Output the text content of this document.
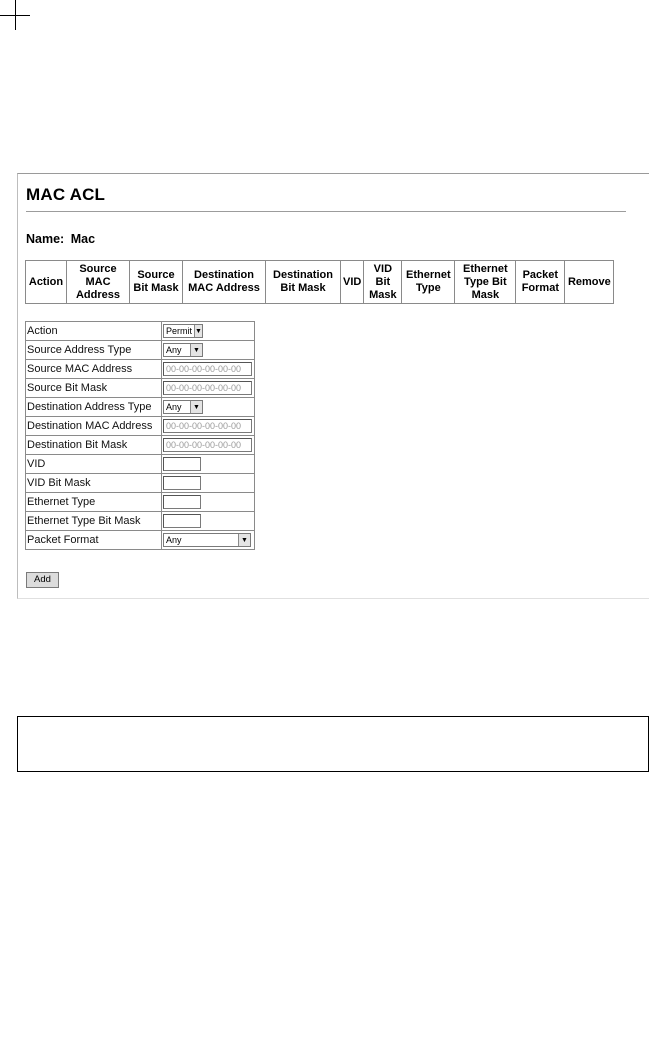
MAC ACL
Name: Mac
Action	Source MAC Address	Source Bit Mask	Destination MAC Address	Destination Bit Mask	VID	VID Bit Mask	Ethernet Type	Ethernet Type Bit Mask	Packet Format	Remove
Action	Permit ▼

Source Address Type	Any ▼

Source MAC Address	00-00-00-00-00-00
Source Bit Mask	00-00-00-00-00-00
Destination Address Type	Any ▼

Destination MAC Address	00-00-00-00-00-00
Destination Bit Mask	00-00-00-00-00-00
VID	
VID Bit Mask	
Ethernet Type	
Ethernet Type Bit Mask	
Packet Format	Any ▼
Add
